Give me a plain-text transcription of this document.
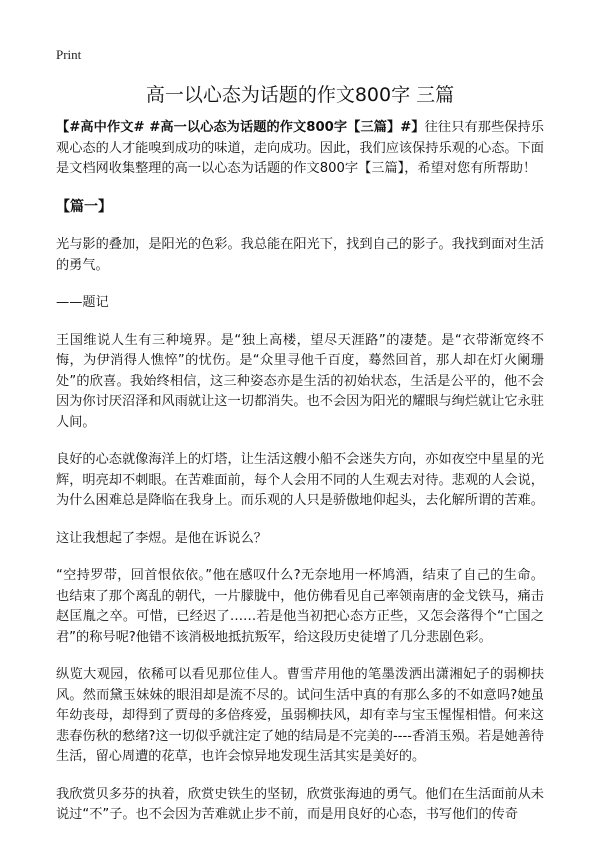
Print
高一以心态为话题的作文800字 三篇

【#高中作文# #高一以心态为话题的作文800字【三篇】#】往往只有那些保持乐观心态的人才能嗅到成功的味道，走向成功。因此，我们应该保持乐观的心态。下面是文档网收集整理的高一以心态为话题的作文800字【三篇】，希望对您有所帮助！

【篇一】

光与影的叠加，是阳光的色彩。我总能在阳光下，找到自己的影子。我找到面对生活的勇气。

——题记

王国维说人生有三种境界。是“独上高楼，望尽天涯路”的凄楚。是“衣带渐宽终不悔，为伊消得人憔悴”的忧伤。是“众里寻他千百度，蓦然回首，那人却在灯火阑珊处”的欣喜。我始终相信，这三种姿态亦是生活的初始状态，生活是公平的，他不会因为你讨厌沼泽和风雨就让这一切都消失。也不会因为阳光的耀眼与绚烂就让它永驻人间。

良好的心态就像海洋上的灯塔，让生活这艘小船不会迷失方向，亦如夜空中星星的光辉，明亮却不刺眼。在苦难面前，每个人会用不同的人生观去对待。悲观的人会说，为什么困难总是降临在我身上。而乐观的人只是骄傲地仰起头，去化解所谓的苦难。

这让我想起了李煜。是他在诉说么？

“空持罗带，回首恨依依。”他在感叹什么?无奈地用一杯鸠酒，结束了自己的生命。也结束了那个离乱的朝代，一片朦胧中，他仿佛看见自己率领南唐的金戈铁马，痛击赵匡胤之卒。可惜，已经迟了……若是他当初把心态方正些，又怎会落得个“亡国之君”的称号呢?他错不该消极地抵抗叛军，给这段历史徒增了几分悲剧色彩。

纵览大观园，依稀可以看见那位佳人。曹雪芹用他的笔墨泼洒出潇湘妃子的弱柳扶风。然而黛玉妹妹的眼泪却是流不尽的。试问生活中真的有那么多的不如意吗?她虽年幼丧母，却得到了贾母的多倍疼爱，虽弱柳扶风，却有幸与宝玉惺惺相惜。何来这悲春伤秋的愁绪?这一切似乎就注定了她的结局是不完美的----香消玉殒。若是她善待生活，留心周遭的花草，也许会惊异地发现生活其实是美好的。

我欣赏贝多芬的执着，欣赏史铁生的坚韧，欣赏张海迪的勇气。他们在生活面前从未说过“不”子。也不会因为苦难就止步不前，而是用良好的心态，书写他们的传奇
